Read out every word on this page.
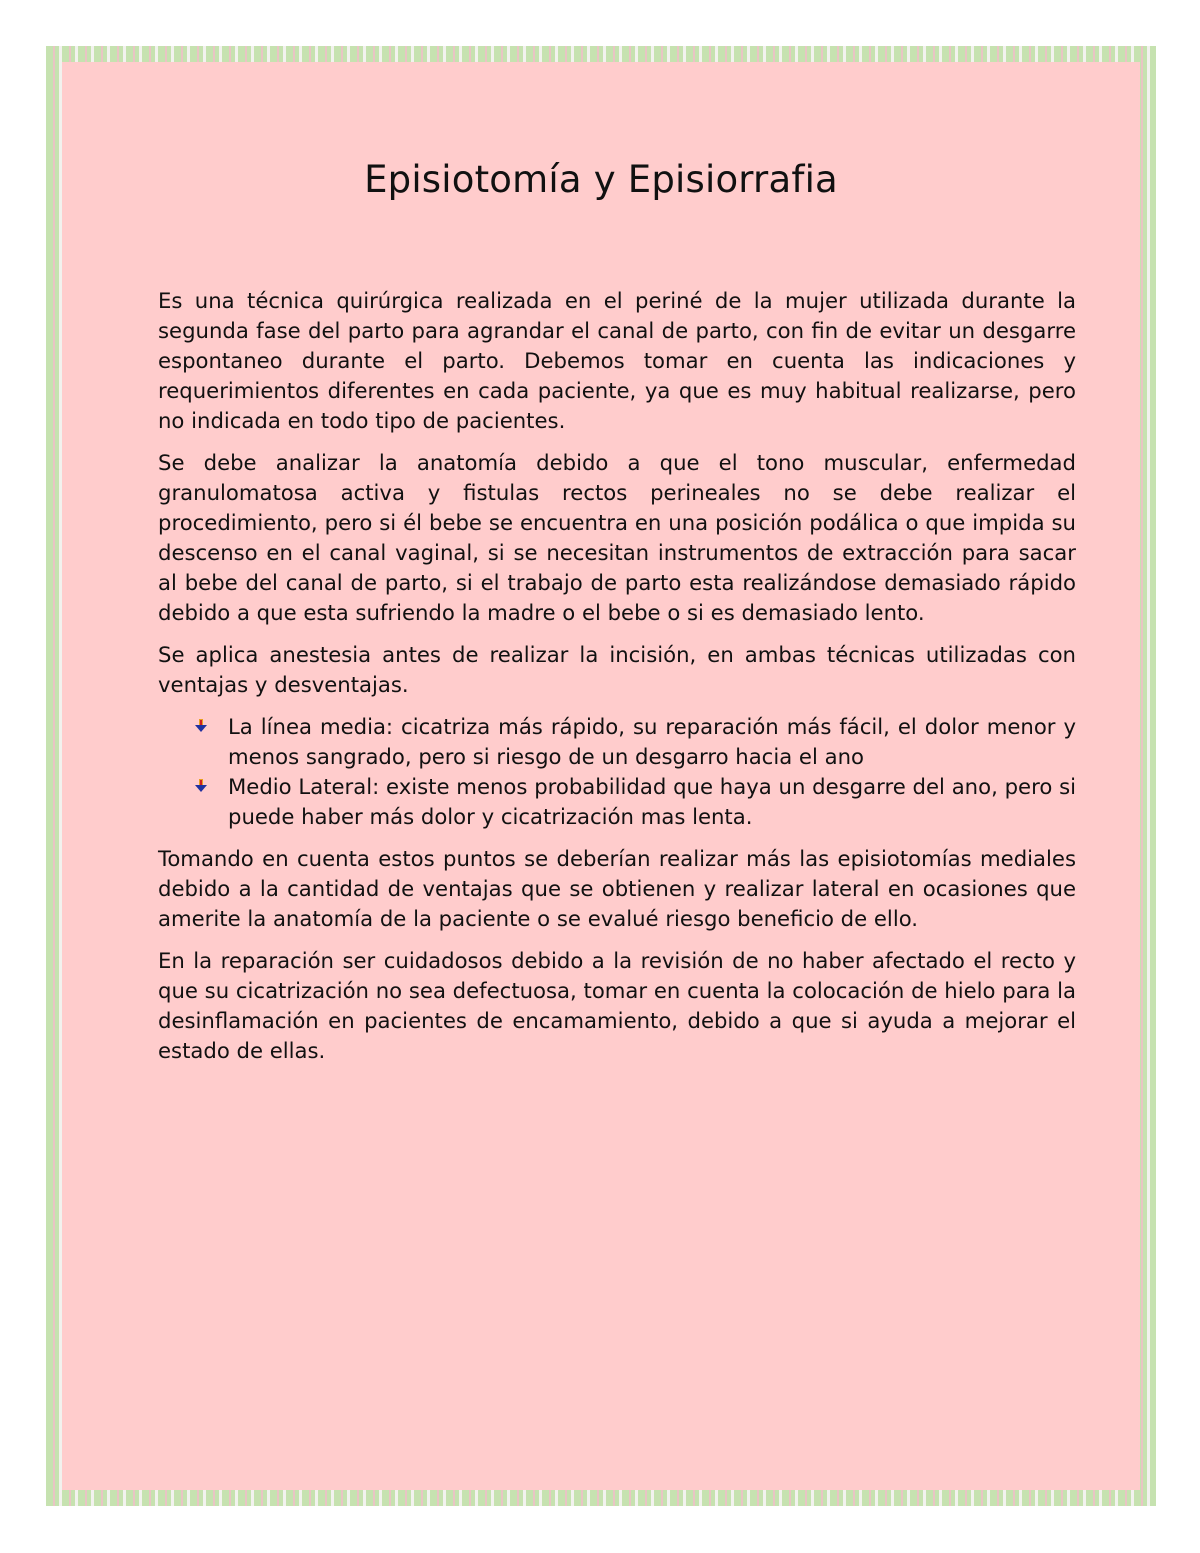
Episiotomía y Episiorrafia

Es una técnica quirúrgica realizada en el periné de la mujer utilizada durante la segunda fase del parto para agrandar el canal de parto, con fin de evitar un desgarre espontaneo durante el parto. Debemos tomar en cuenta las indicaciones y requerimientos diferentes en cada paciente, ya que es muy habitual realizarse, pero no indicada en todo tipo de pacientes.

Se debe analizar la anatomía debido a que el tono muscular, enfermedad granulomatosa activa y fistulas rectos perineales no se debe realizar el procedimiento, pero si él bebe se encuentra en una posición podálica o que impida su descenso en el canal vaginal, si se necesitan instrumentos de extracción para sacar al bebe del canal de parto, si el trabajo de parto esta realizándose demasiado rápido debido a que esta sufriendo la madre o el bebe o si es demasiado lento.

Se aplica anestesia antes de realizar la incisión, en ambas técnicas utilizadas con ventajas y desventajas.

La línea media: cicatriza más rápido, su reparación más fácil, el dolor menor y menos sangrado, pero si riesgo de un desgarro hacia el ano
Medio Lateral: existe menos probabilidad que haya un desgarre del ano, pero si puede haber más dolor y cicatrización mas lenta.

Tomando en cuenta estos puntos se deberían realizar más las episiotomías mediales debido a la cantidad de ventajas que se obtienen y realizar lateral en ocasiones que amerite la anatomía de la paciente o se evalué riesgo beneficio de ello.

En la reparación ser cuidadosos debido a la revisión de no haber afectado el recto y que su cicatrización no sea defectuosa, tomar en cuenta la colocación de hielo para la desinflamación en pacientes de encamamiento, debido a que si ayuda a mejorar el estado de ellas.
